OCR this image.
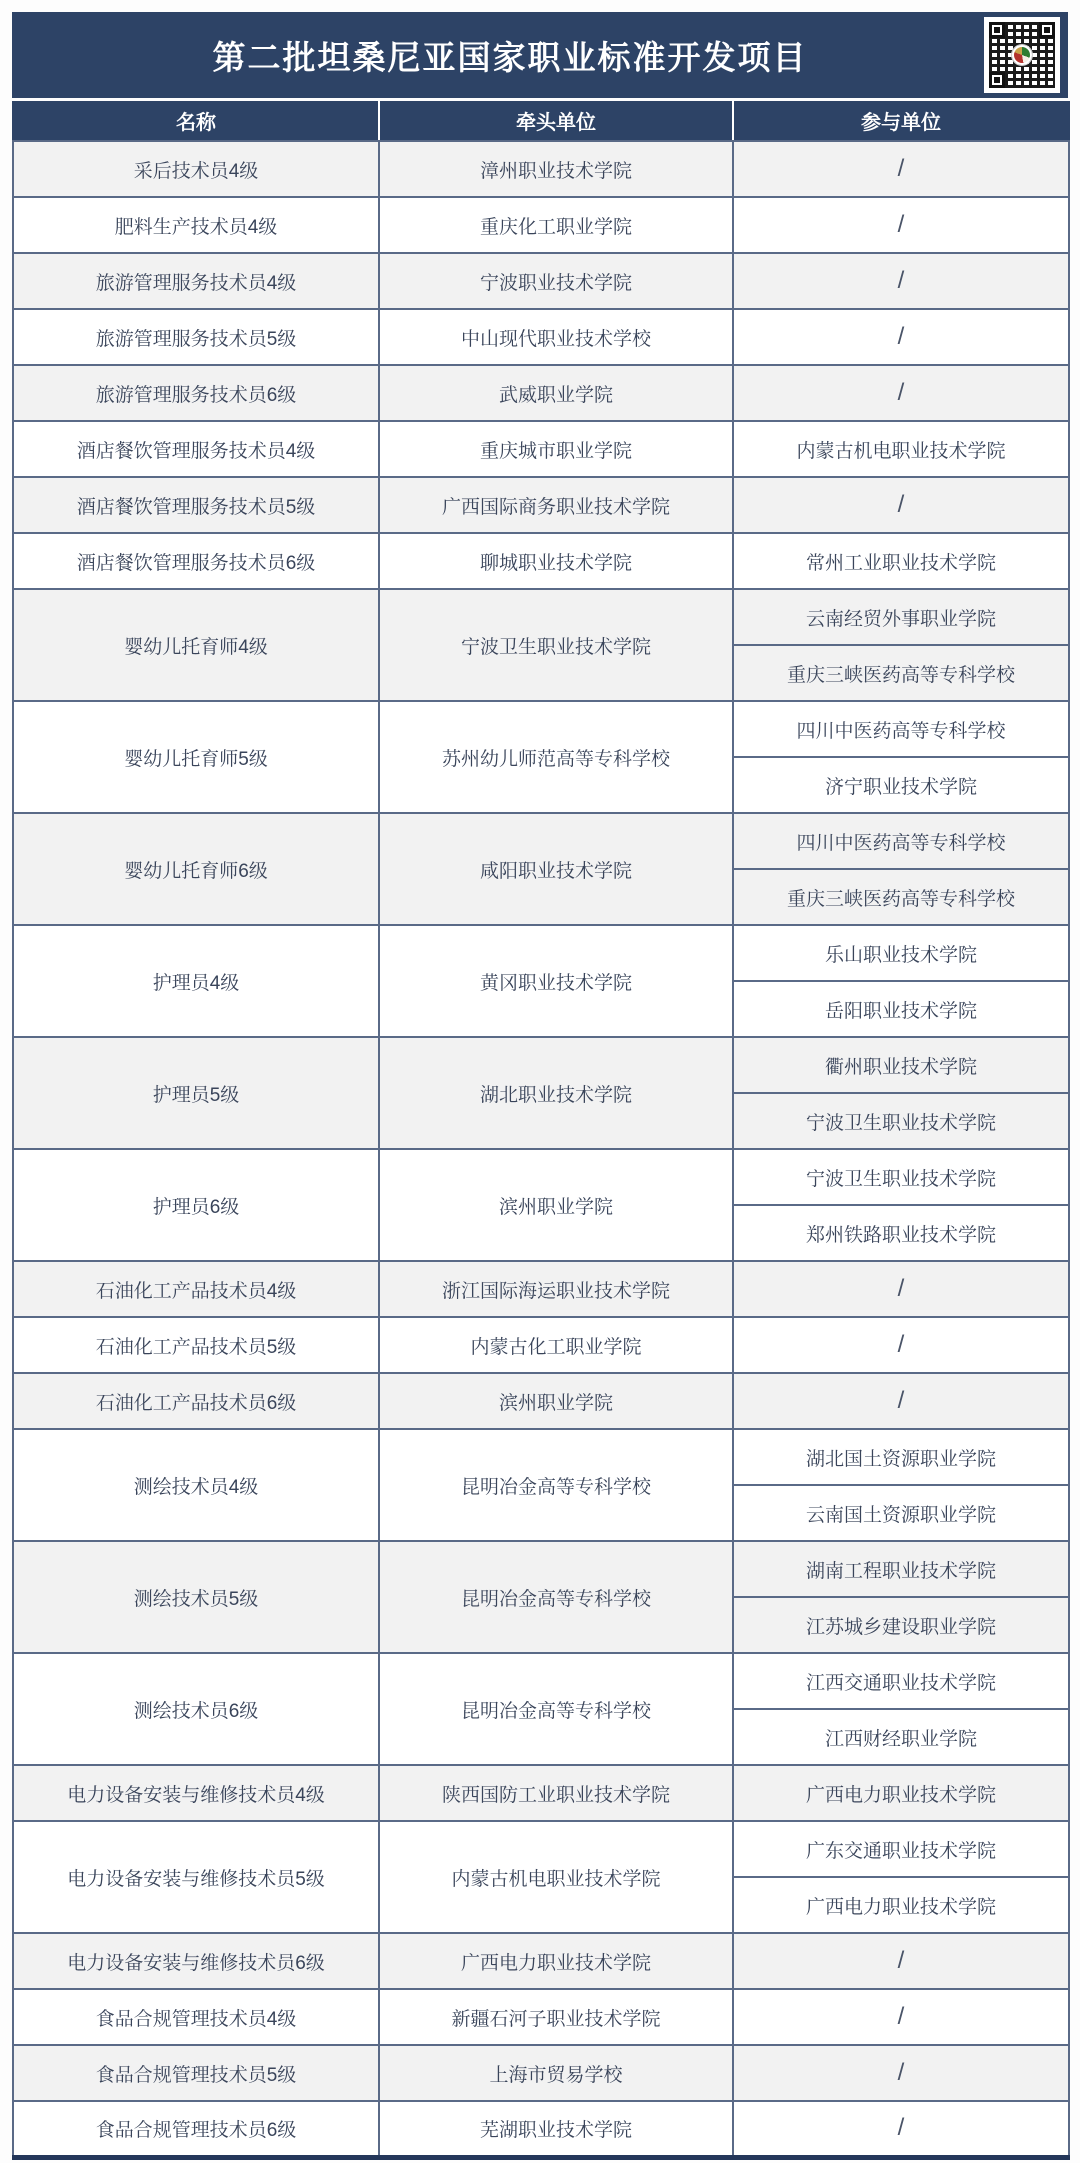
第二批坦桑尼亚国家职业标准开发项目
名称	牵头单位	参与单位
采后技术员4级	漳州职业技术学院	/
肥料生产技术员4级	重庆化工职业学院	/
旅游管理服务技术员4级	宁波职业技术学院	/
旅游管理服务技术员5级	中山现代职业技术学校	/
旅游管理服务技术员6级	武威职业学院	/
酒店餐饮管理服务技术员4级	重庆城市职业学院	内蒙古机电职业技术学院
酒店餐饮管理服务技术员5级	广西国际商务职业技术学院	/
酒店餐饮管理服务技术员6级	聊城职业技术学院	常州工业职业技术学院
婴幼儿托育师4级	宁波卫生职业技术学院	云南经贸外事职业学院
		重庆三峡医药高等专科学校
婴幼儿托育师5级	苏州幼儿师范高等专科学校	四川中医药高等专科学校
		济宁职业技术学院
婴幼儿托育师6级	咸阳职业技术学院	四川中医药高等专科学校
		重庆三峡医药高等专科学校
护理员4级	黄冈职业技术学院	乐山职业技术学院
		岳阳职业技术学院
护理员5级	湖北职业技术学院	衢州职业技术学院
		宁波卫生职业技术学院
护理员6级	滨州职业学院	宁波卫生职业技术学院
		郑州铁路职业技术学院
石油化工产品技术员4级	浙江国际海运职业技术学院	/
石油化工产品技术员5级	内蒙古化工职业学院	/
石油化工产品技术员6级	滨州职业学院	/
测绘技术员4级	昆明冶金高等专科学校	湖北国土资源职业学院
		云南国土资源职业学院
测绘技术员5级	昆明冶金高等专科学校	湖南工程职业技术学院
		江苏城乡建设职业学院
测绘技术员6级	昆明冶金高等专科学校	江西交通职业技术学院
		江西财经职业学院
电力设备安装与维修技术员4级	陕西国防工业职业技术学院	广西电力职业技术学院
电力设备安装与维修技术员5级	内蒙古机电职业技术学院	广东交通职业技术学院
		广西电力职业技术学院
电力设备安装与维修技术员6级	广西电力职业技术学院	/
食品合规管理技术员4级	新疆石河子职业技术学院	/
食品合规管理技术员5级	上海市贸易学校	/
食品合规管理技术员6级	芜湖职业技术学院	/
